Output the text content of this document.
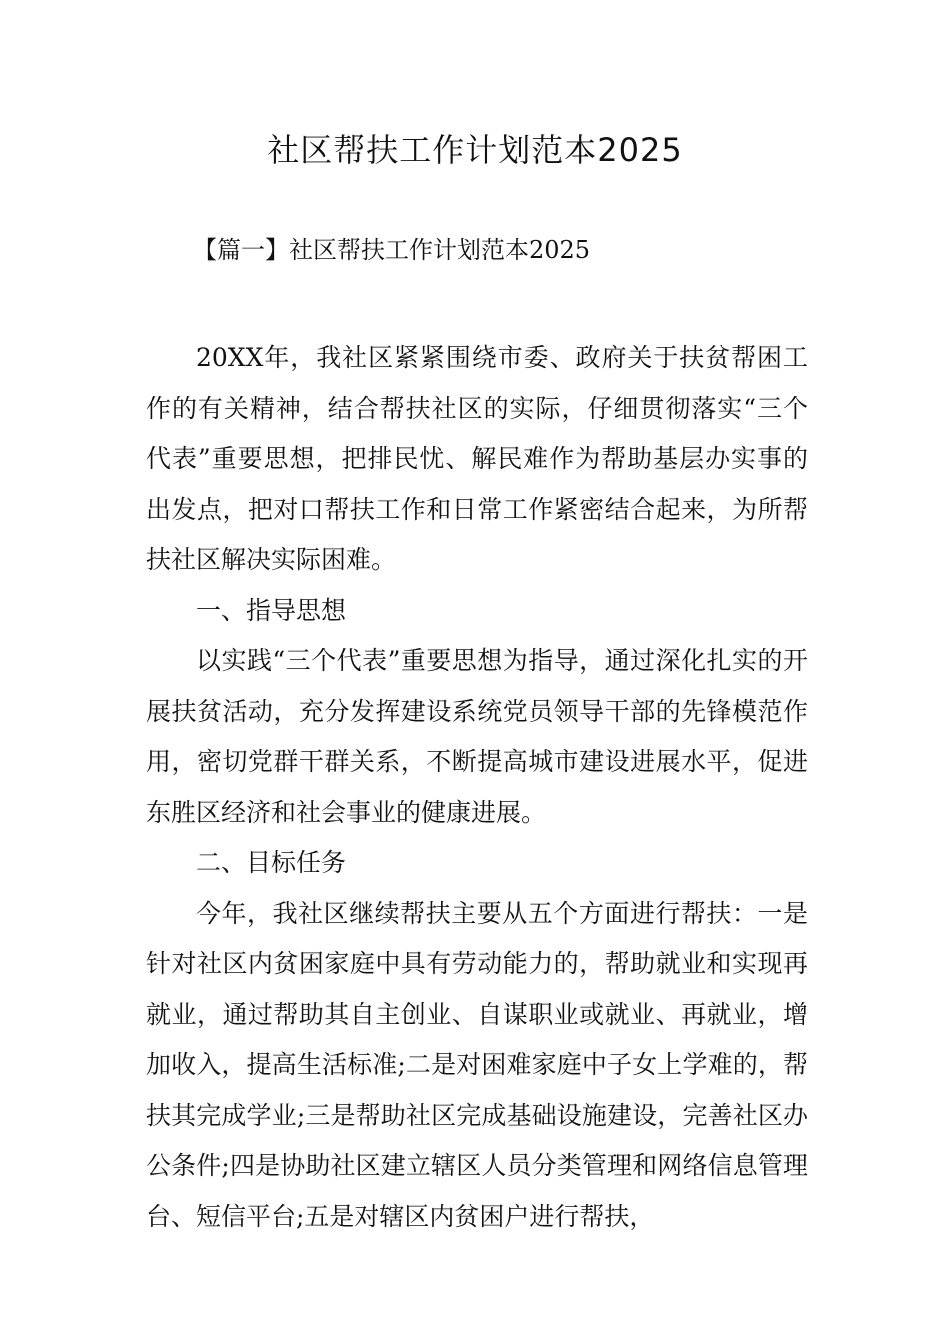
社区帮扶工作计划范本2025

【篇一】社区帮扶工作计划范本2025

20XX年，我社区紧紧围绕市委、政府关于扶贫帮困工作的有关精神，结合帮扶社区的实际，仔细贯彻落实“三个代表”重要思想，把排民忧、解民难作为帮助基层办实事的出发点，把对口帮扶工作和日常工作紧密结合起来，为所帮扶社区解决实际困难。

一、指导思想

以实践“三个代表”重要思想为指导，通过深化扎实的开展扶贫活动，充分发挥建设系统党员领导干部的先锋模范作用，密切党群干群关系，不断提高城市建设进展水平，促进东胜区经济和社会事业的健康进展。

二、目标任务

今年，我社区继续帮扶主要从五个方面进行帮扶：一是针对社区内贫困家庭中具有劳动能力的，帮助就业和实现再就业，通过帮助其自主创业、自谋职业或就业、再就业，增加收入，提高生活标准;二是对困难家庭中子女上学难的，帮扶其完成学业;三是帮助社区完成基础设施建设，完善社区办公条件;四是协助社区建立辖区人员分类管理和网络信息管理台、短信平台;五是对辖区内贫困户进行帮扶，
